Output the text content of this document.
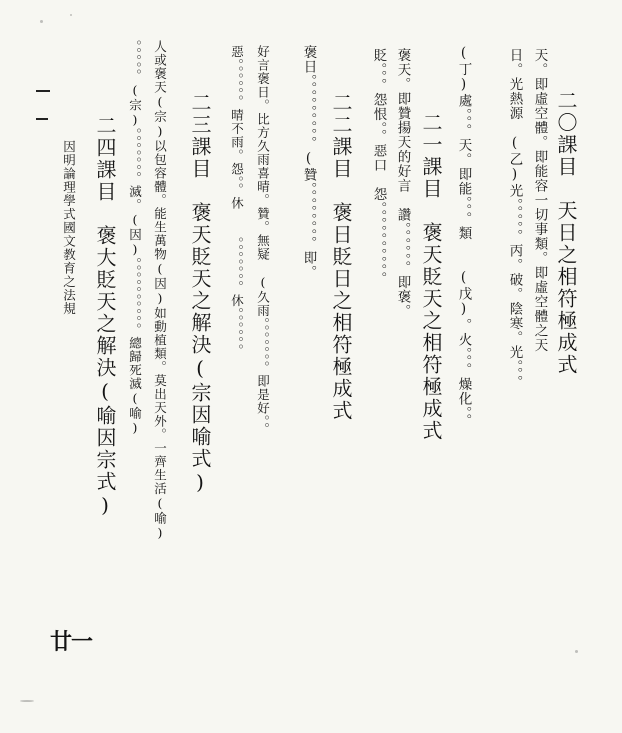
二〇課目　天日之相符極成式
天。即虛空體。即能容一切事類。即虛空體之天
日。光熱源　(乙)光。。。。。丙。破。陰寒。光。。。
(丁)處。。。天。即能。。。類　　(戊)。火。。。燥化。。
二一課目　褒天貶天之相符極成式
褒天。即贊揚天的好言　讚。。。。。。即褒。
貶。。。怨恨。。惡口　怨。。。。。。。。。。
二二課目　褒日貶日之相符極成式
褒日。。。。。。。。。(贊。。。。。。。。即。
好言褒日。比方久雨喜晴。贊。無疑　(久雨。。。。。。。即是好。。
惡。。。。。。晴不雨。怨。。休　　。。。。。。。休。。。。。。
二三課目　褒天貶天之解決(宗因喻式)
人或褒天(宗)以包容體。能生萬物(因)如動植類。莫出天外。一齊生活(喻)
。。。。。(宗)。。。。。。。滅。(因)。。。。。。。。。。總歸死滅(喻)
二四課目　褒大貶天之解決(喻因宗式)
因明論理學式國文教育之法規
廿一
